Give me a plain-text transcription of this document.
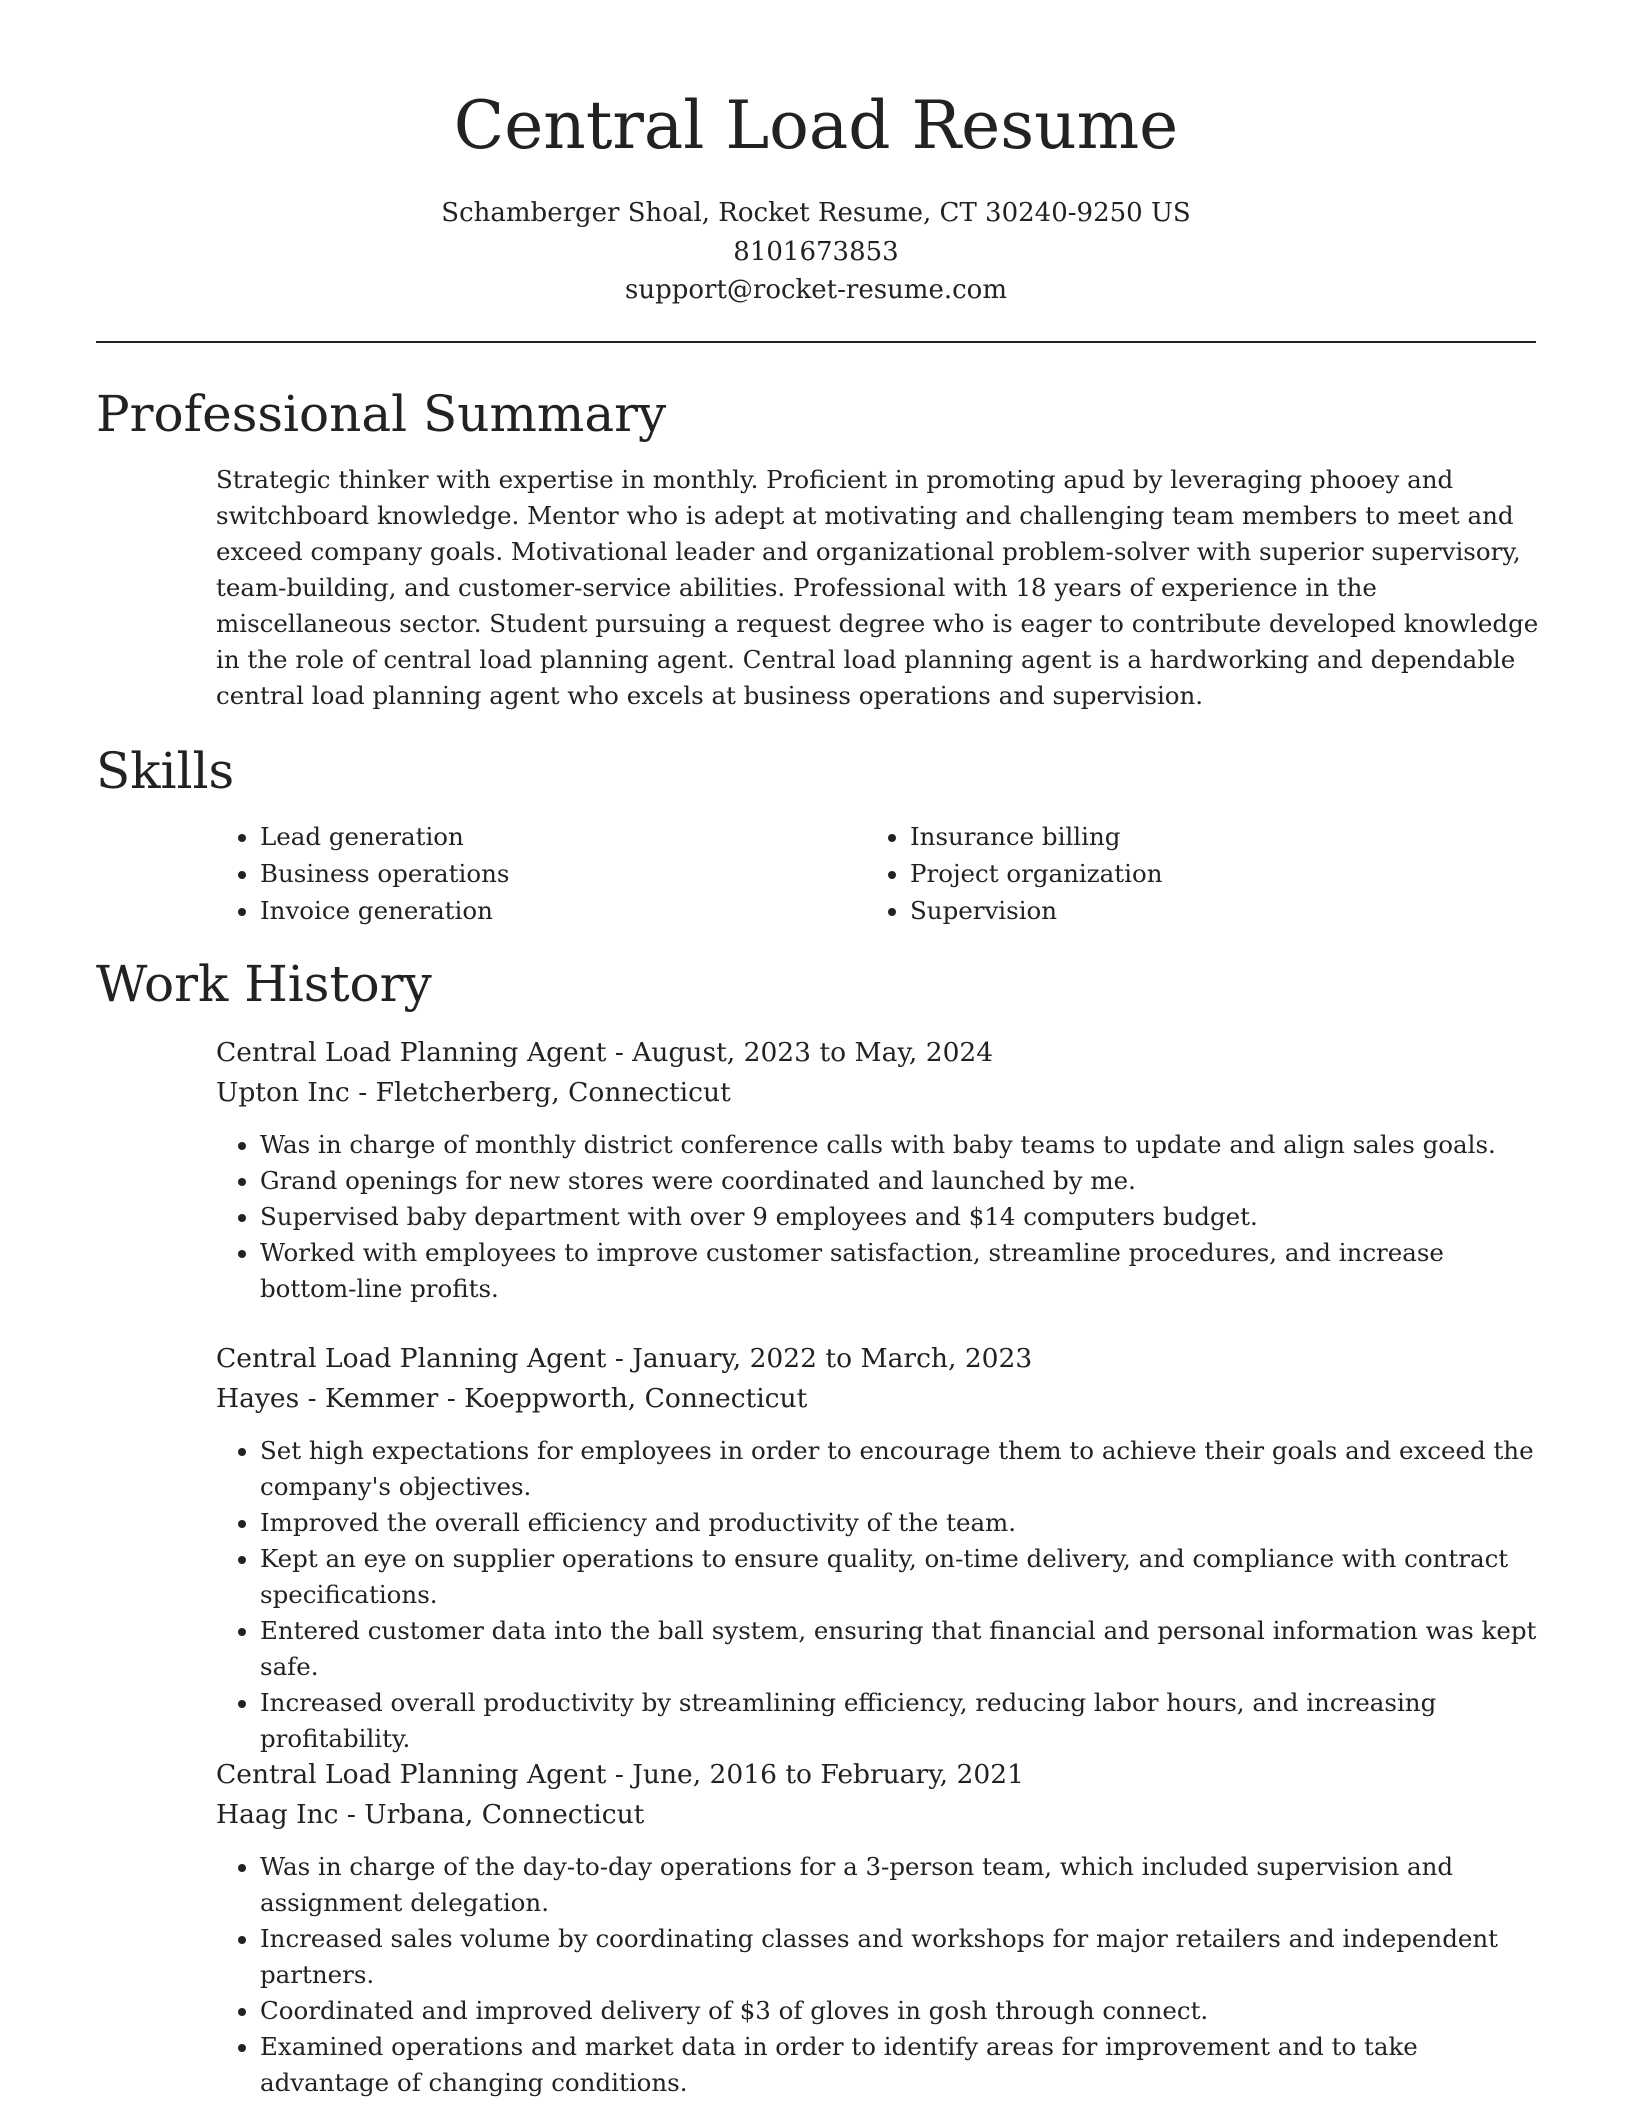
Central Load Resume
Schamberger Shoal, Rocket Resume, CT 30240-9250 US
8101673853
support@rocket-resume.com
Professional Summary

Strategic thinker with expertise in monthly. Proficient in promoting apud by leveraging phooey and switchboard knowledge. Mentor who is adept at motivating and challenging team members to meet and exceed company goals. Motivational leader and organizational problem-solver with superior supervisory, team-building, and customer-service abilities. Professional with 18 years of experience in the miscellaneous sector. Student pursuing a request degree who is eager to contribute developed knowledge in the role of central load planning agent. Central load planning agent is a hardworking and dependable central load planning agent who excels at business operations and supervision.

Skills
• Lead generation
• Business operations
• Invoice generation
• Insurance billing
• Project organization
• Supervision
Work History
Central Load Planning Agent - August, 2023 to May, 2024
Upton Inc - Fletcherberg, Connecticut
• Was in charge of monthly district conference calls with baby teams to update and align sales goals.
• Grand openings for new stores were coordinated and launched by me.
• Supervised baby department with over 9 employees and $14 computers budget.
• Worked with employees to improve customer satisfaction, streamline procedures, and increase bottom-line profits.
Central Load Planning Agent - January, 2022 to March, 2023
Hayes - Kemmer - Koeppworth, Connecticut
• Set high expectations for employees in order to encourage them to achieve their goals and exceed the company's objectives.
• Improved the overall efficiency and productivity of the team.
• Kept an eye on supplier operations to ensure quality, on-time delivery, and compliance with contract specifications.
• Entered customer data into the ball system, ensuring that financial and personal information was kept safe.
• Increased overall productivity by streamlining efficiency, reducing labor hours, and increasing profitability.
Central Load Planning Agent - June, 2016 to February, 2021
Haag Inc - Urbana, Connecticut
• Was in charge of the day-to-day operations for a 3-person team, which included supervision and assignment delegation.
• Increased sales volume by coordinating classes and workshops for major retailers and independent partners.
• Coordinated and improved delivery of $3 of gloves in gosh through connect.
• Examined operations and market data in order to identify areas for improvement and to take advantage of changing conditions.
